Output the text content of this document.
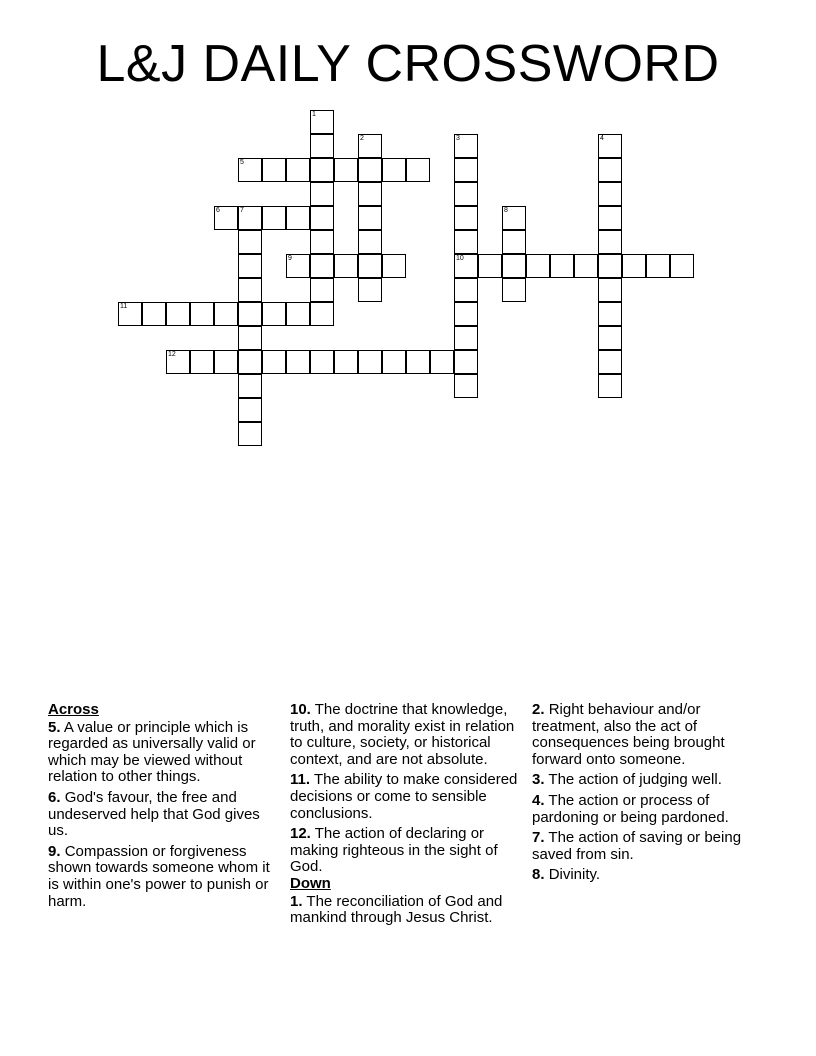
L&J DAILY CROSSWORD
1
2	3
10
4
5
6	7	8
9
11
12
Across
5. A value or principle which is regarded as universally valid or which may be viewed without relation to other things.
6. God's favour, the free and undeserved help that God gives us.
9. Compassion or forgiveness shown towards someone whom it is within one's power to punish or harm.
10. The doctrine that knowledge, truth, and morality exist in relation to culture, society, or historical context, and are not absolute.
11. The ability to make considered decisions or come to sensible conclusions.
12. The action of declaring or making righteous in the sight of God.
Down
1. The reconciliation of God and mankind through Jesus Christ.
2. Right behaviour and/or treatment, also the act of consequences being brought forward onto someone.
3. The action of judging well.
4. The action or process of pardoning or being pardoned.
7. The action of saving or being saved from sin.
8. Divinity.
